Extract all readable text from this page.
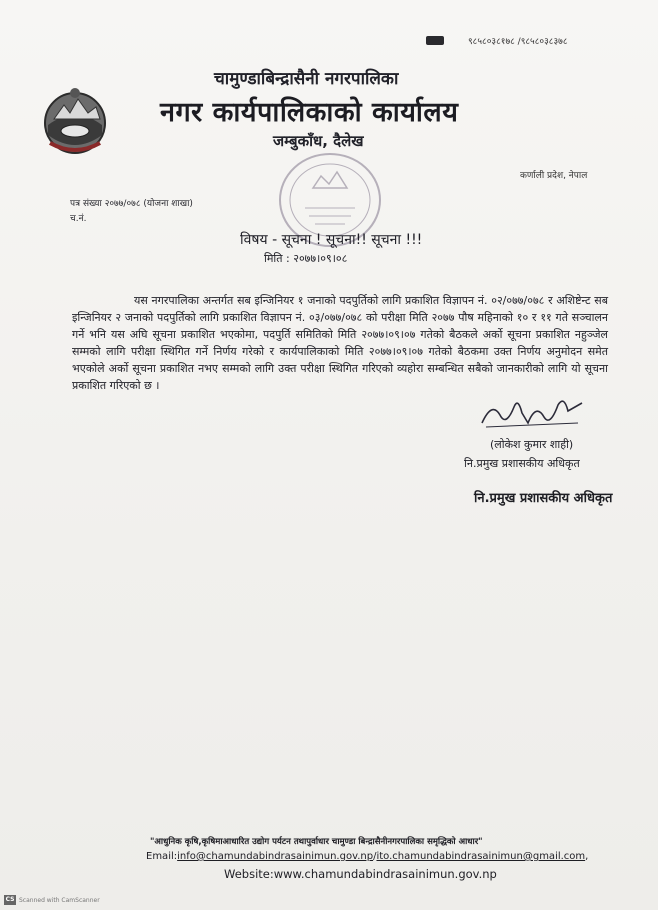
९८५८०३८१७८ /९८५८०३८३७८
चामुण्डाबिन्द्रासैनी नगरपालिका
नगर कार्यपालिकाको कार्यालय
जम्बुकाँध, दैलेख
कर्णाली प्रदेश, नेपाल
पत्र संख्या २०७७/०७८ (योजना शाखा)
च.नं.
विषय - सूचना ! सूचना!! सूचना !!!
मिति : २०७७।०९।०८
यस नगरपालिका अन्तर्गत सब इन्जिनियर १ जनाको पदपुर्तिको लागि प्रकाशित विज्ञापन नं. ०२/०७७/०७८ र अशिष्टेन्ट सब इन्जिनियर २ जनाको पदपुर्तिको लागि प्रकाशित विज्ञापन नं. ०३/०७७/०७८ को परीक्षा मिति २०७७ पौष महिनाको १० र ११ गते सञ्चालन गर्ने भनि यस अघि सूचना प्रकाशित भएकोमा, पदपुर्ति समितिको मिति २०७७।०९।०७ गतेको बैठकले अर्को सूचना प्रकाशित नहुञ्जेल सम्मको लागि परीक्षा स्थिगित गर्ने निर्णय गरेको र कार्यपालिकाको मिति २०७७।०९।०७ गतेको बैठकमा उक्त निर्णय अनुमोदन समेत भएकोले अर्को सूचना प्रकाशित नभए सम्मको लागि उक्त परीक्षा स्थिगित गरिएको व्यहोरा सम्बन्धित सबैको जानकारीको लागि यो सूचना प्रकाशित गरिएको छ ।
(लोकेश कुमार शाही)
नि.प्रमुख प्रशासकीय अधिकृत
नि.प्रमुख प्रशासकीय अधिकृत
"आधुनिक कृषि,कृषिमाआधारित उद्योग पर्यटन तथापुर्वाधार चामुण्डा बिन्द्रासैनीनगरपालिका समृद्धिको आधार"
Email:info@chamundabindrasainimun.gov.np/ito.chamundabindrasainimun@gmail.com,
Website:www.chamundabindrasainimun.gov.np
CS Scanned with CamScanner
